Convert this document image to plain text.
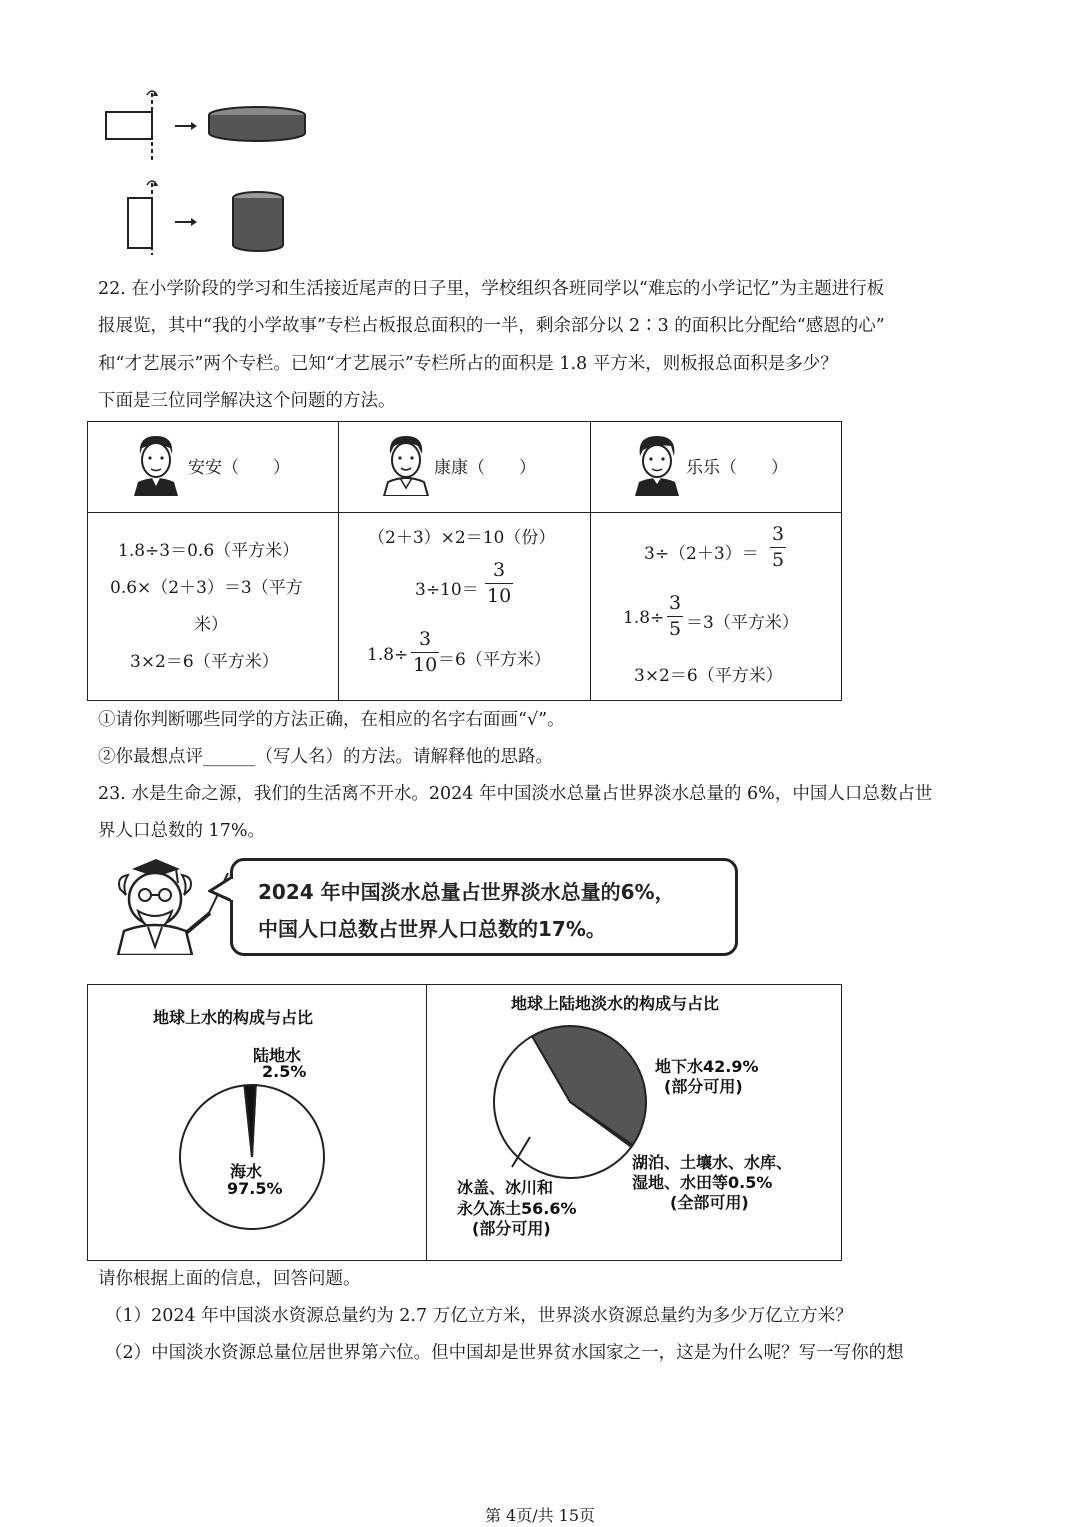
22. 在小学阶段的学习和生活接近尾声的日子里，学校组织各班同学以“难忘的小学记忆”为主题进行板
报展览，其中“我的小学故事”专栏占板报总面积的一半，剩余部分以 2∶3 的面积比分配给“感恩的心”
和“才艺展示”两个专栏。已知“才艺展示”专栏所占的面积是 1.8 平方米，则板报总面积是多少？
下面是三位同学解决这个问题的方法。
安安（　　）	康康（　　）	乐乐（　　）
1.8÷3＝0.6（平方米）
0.6×（2＋3）＝3（平方
米）
3×2＝6（平方米）
（2＋3）×2＝10（份）
3÷10＝
3
10
1.8÷
3
10 ＝6（平方米）
3÷（2＋3）＝
3
5
1.8÷
3
5 ＝3（平方米）
3×2＝6（平方米）
①请你判断哪些同学的方法正确，在相应的名字右面画“√”。
②你最想点评______（写人名）的方法。请解释他的思路。
23. 水是生命之源，我们的生活离不开水。2024 年中国淡水总量占世界淡水总量的 6%，中国人口总数占世
界人口总数的 17%。
2024 年中国淡水总量占世界淡水总量的6%，
中国人口总数占世界人口总数的17%。
地球上水的构成与占比
陆地水
2.5%
海水
97.5%
地球上陆地淡水的构成与占比
地下水42.9%
(部分可用)
湖泊、土壤水、水库、
湿地、水田等0.5%
(全部可用)
冰盖、冰川和
永久冻土56.6%
(部分可用)
请你根据上面的信息，回答问题。
（1）2024 年中国淡水资源总量约为 2.7 万亿立方米，世界淡水资源总量约为多少万亿立方米？
（2）中国淡水资源总量位居世界第六位。但中国却是世界贫水国家之一，这是为什么呢？写一写你的想
第 4页/共 15页
